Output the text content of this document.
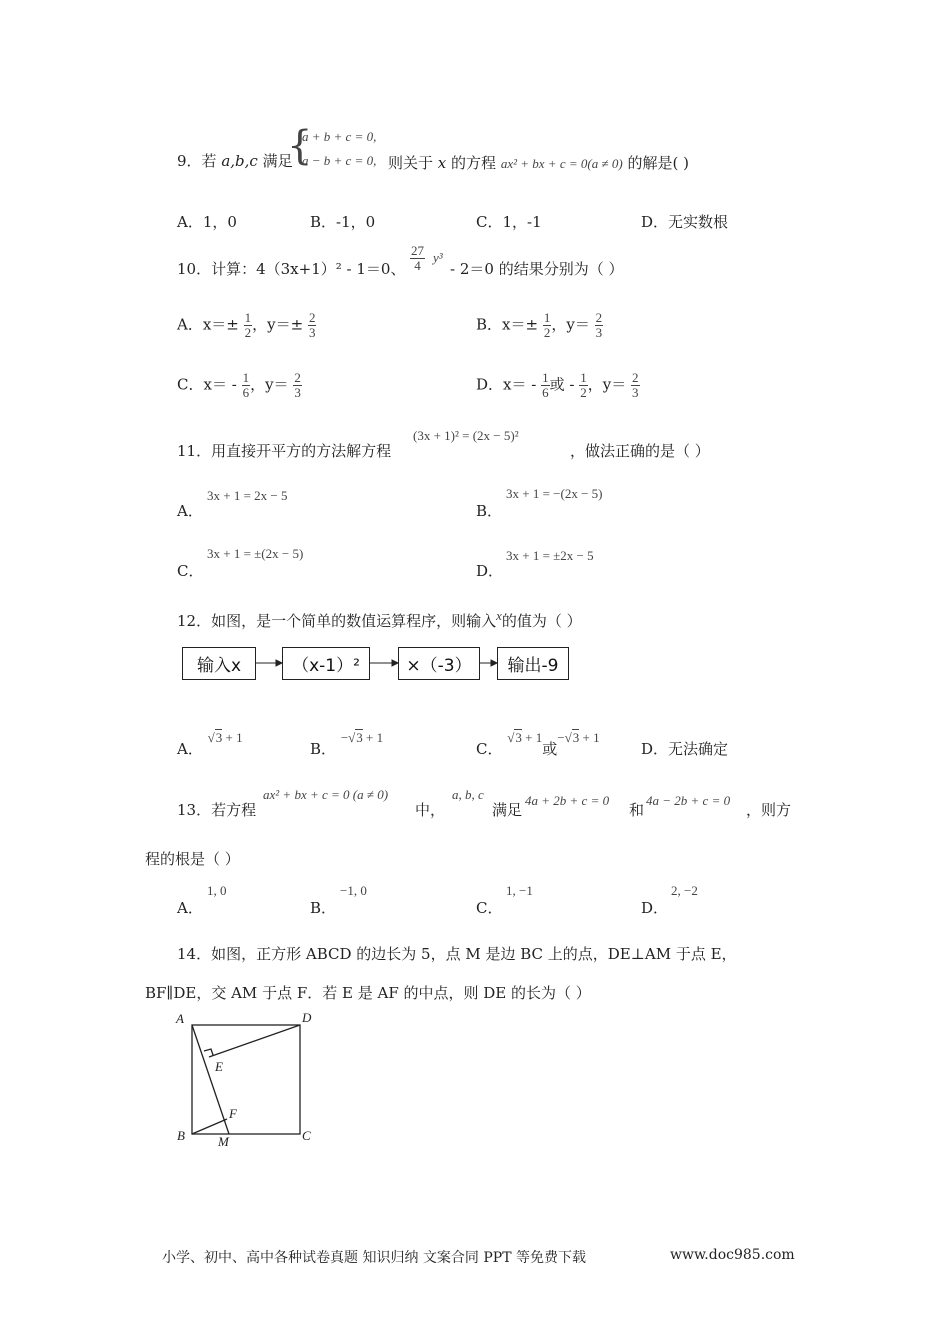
9．若 a,b,c 满足
{
a + b + c = 0,
a − b + c = 0, 则关于 x 的方程 ax² + bx + c = 0(a ≠ 0) 的解是( )
A．1，0	B．-1，0	C．1，-1	D．无实数根
10．计算：4（3x+1）² - 1＝0、 $\frac{27}{4} y^3$
- 2＝0 的结果分别为（ ）
A．$x=\pm \frac{1}{2}$ ，$y=\pm \frac{2}{3}$	B．$x=\pm \frac{1}{2}$ ，$y= \frac{2}{3}$
C．$x= - \frac{1}{6}$ ，$y= \frac{2}{3}$	D．$x= - \frac{1}{6}$ 或 - $\frac{1}{2}$ ，$y= \frac{2}{3}$
11．用直接开平方的方法解方程
(3x + 1)² = (2x − 5)²
，做法正确的是（ ）
A．
3x + 1 = 2x − 5
B．
3x + 1 = −(2x − 5)
C．
3x + 1 = ±(2x − 5)
D．
3x + 1 = ±2x − 5
12．如图，是一个简单的数值运算程序，则输入x的值为（ ）
输入x	（x-1）²	×（-3）	输出-9
A． √3 + 1
B． −√3 + 1
C． √3 + 1或−√3 + 1
D．无法确定
13．若方程
ax² + bx + c = 0 (a ≠ 0)
中，
a, b, c
满足
4a + 2b + c = 0
和
4a − 2b + c = 0
，则方
程的根是（ ）
A．
1, 0
B．
−1, 0
C．
1, −1
D．
2, −2
14．如图，正方形 ABCD 的边长为 5，点 M 是边 BC 上的点，DE⊥AM 于点 E，
BF∥DE，交 AM 于点 F．若 E 是 AF 的中点，则 DE 的长为（ ）
A	D
E
F
B	M	C
小学、初中、高中各种试卷真题 知识归纳 文案合同 PPT 等免费下载	www.doc985.com
